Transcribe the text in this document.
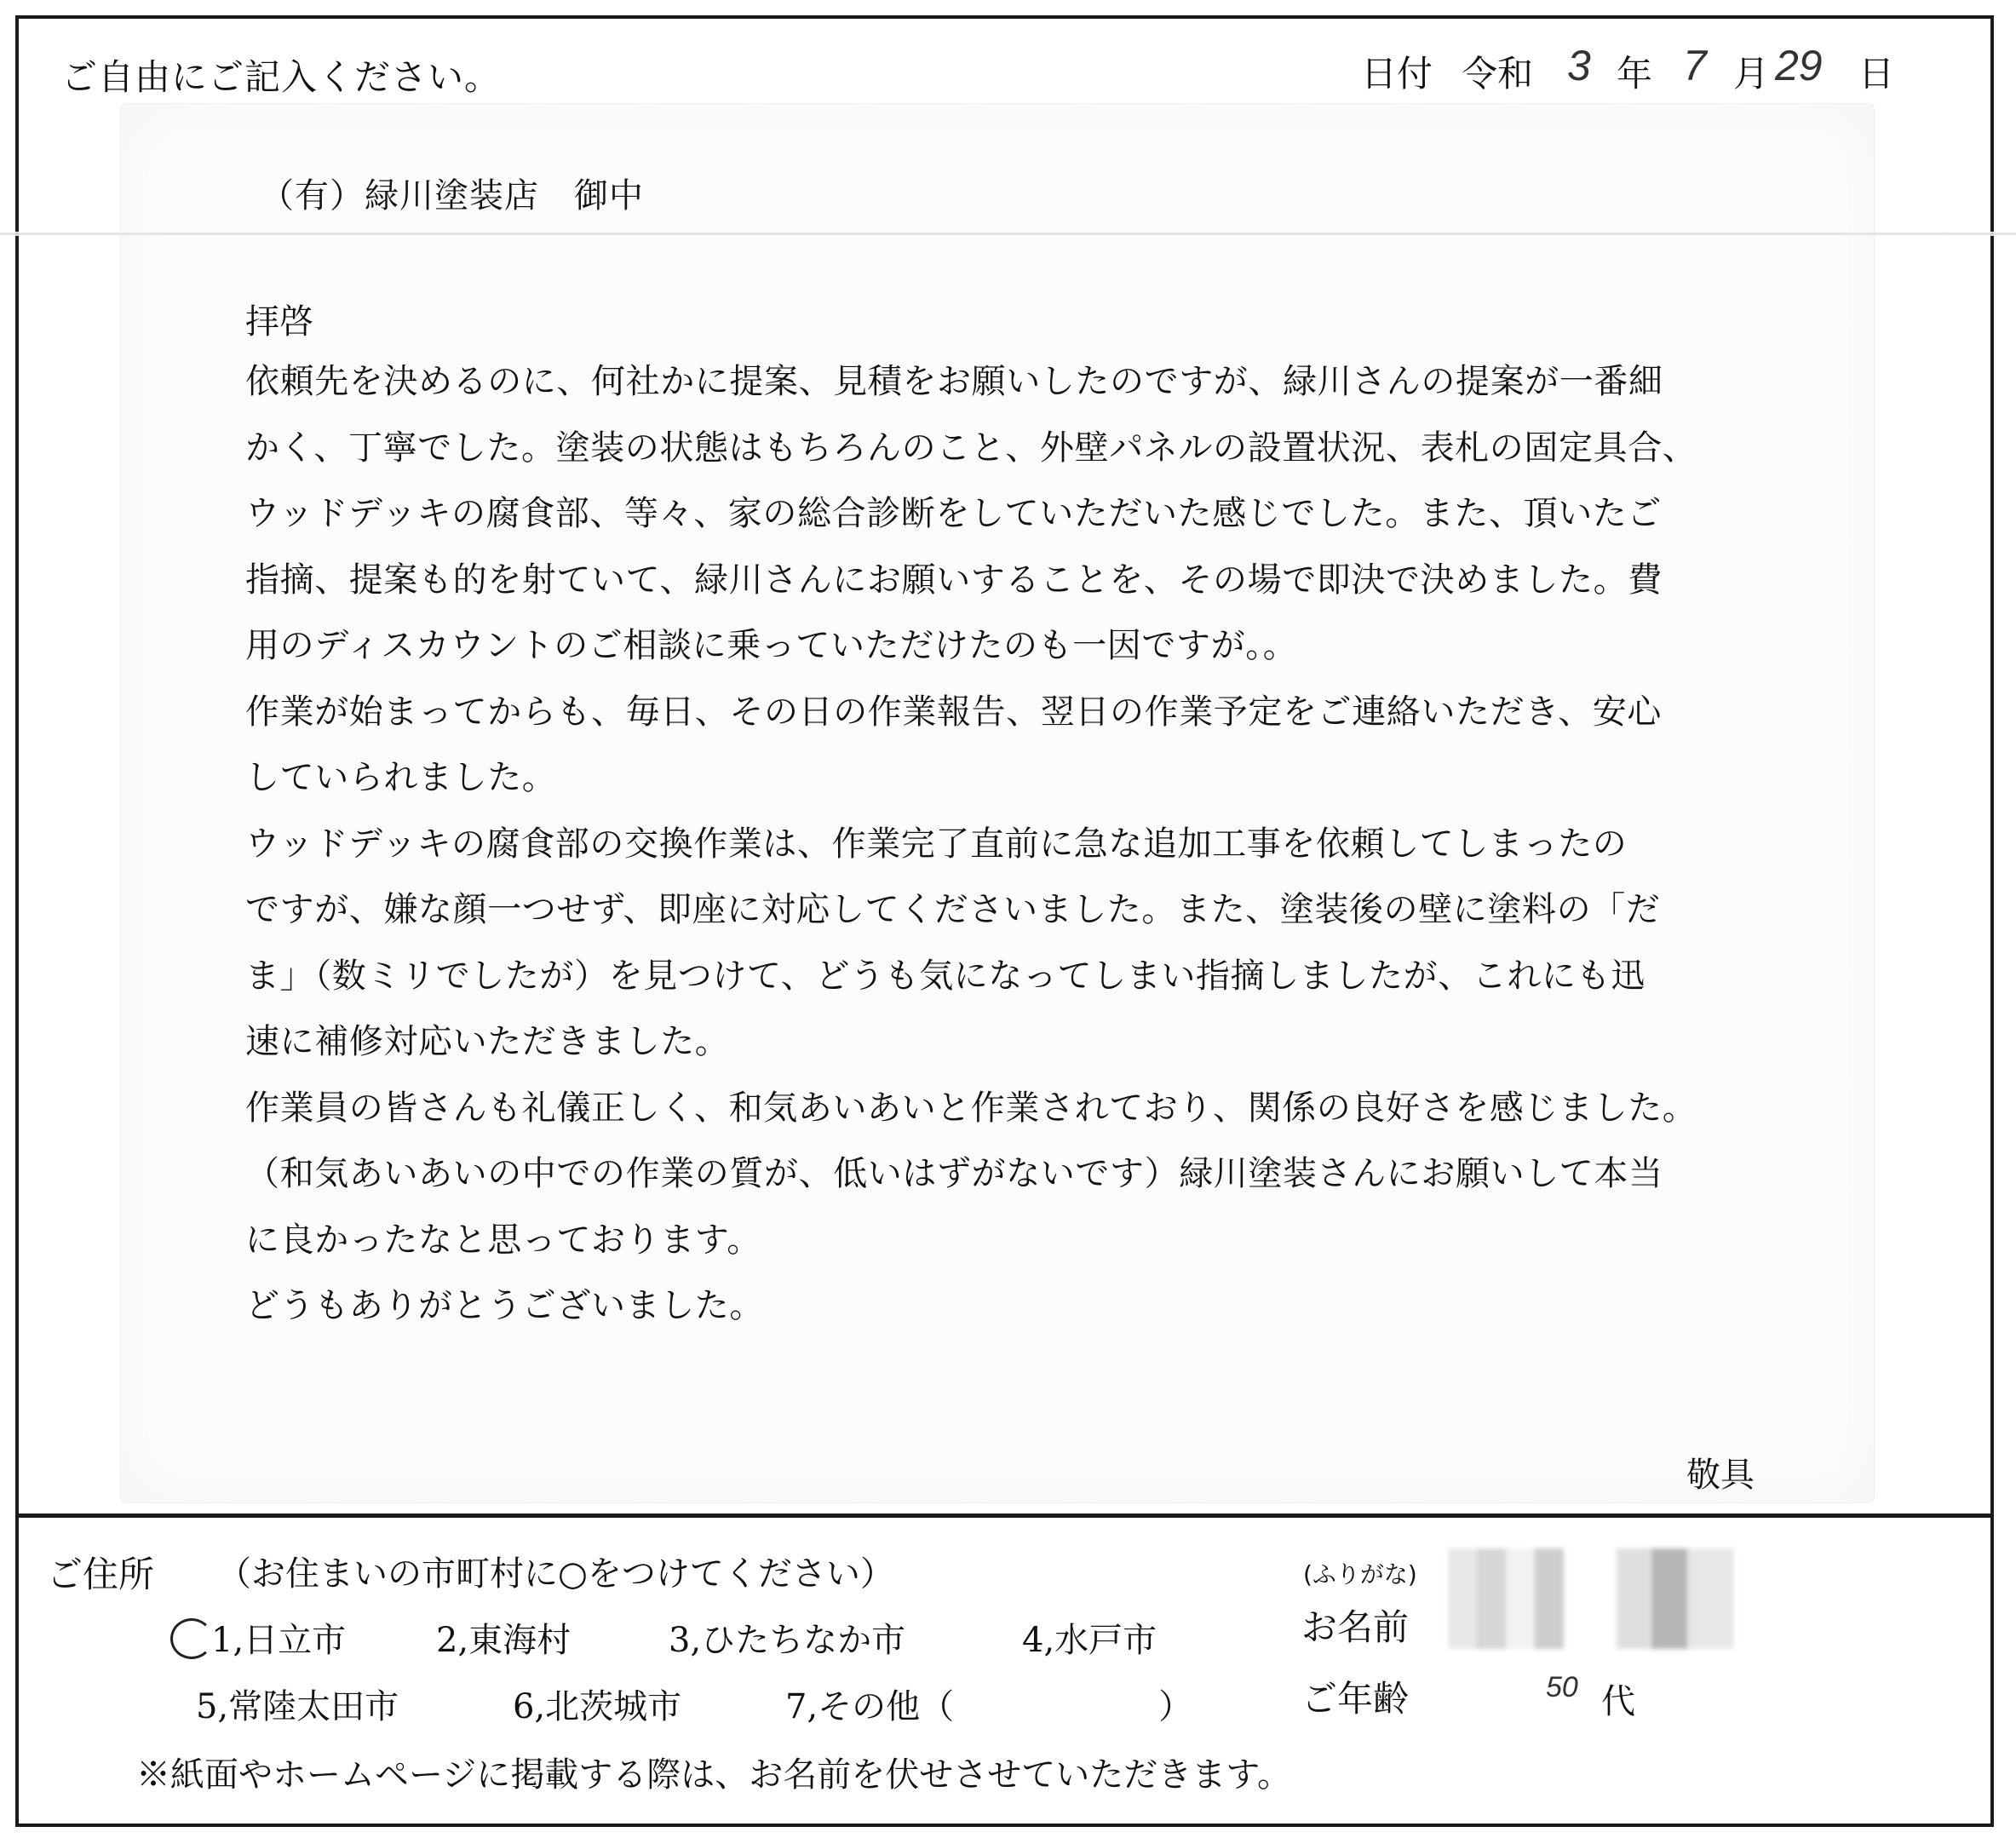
ご自由にご記入ください。	日付 令和 3 年 7 月 29 日
（有）緑川塗装店　御中
拝啓
依頼先を決めるのに、何社かに提案、見積をお願いしたのですが、緑川さんの提案が一番細
かく、丁寧でした。塗装の状態はもちろんのこと、外壁パネルの設置状況、表札の固定具合、
ウッドデッキの腐食部、等々、家の総合診断をしていただいた感じでした。また、頂いたご
指摘、提案も的を射ていて、緑川さんにお願いすることを、その場で即決で決めました。費
用のディスカウントのご相談に乗っていただけたのも一因ですが。。
作業が始まってからも、毎日、その日の作業報告、翌日の作業予定をご連絡いただき、安心
していられました。
ウッドデッキの腐食部の交換作業は、作業完了直前に急な追加工事を依頼してしまったの
ですが、嫌な顔一つせず、即座に対応してくださいました。また、塗装後の壁に塗料の「だ
ま」（数ミリでしたが）を見つけて、どうも気になってしまい指摘しましたが、これにも迅
速に補修対応いただきました。
作業員の皆さんも礼儀正しく、和気あいあいと作業されており、関係の良好さを感じました。
（和気あいあいの中での作業の質が、低いはずがないです）緑川塗装さんにお願いして本当
に良かったなと思っております。
どうもありがとうございました。
敬具
ご住所 （お住まいの市町村に○をつけてください）
1,日立市	2,東海村	3,ひたちなか市	4,水戸市
5,常陸太田市	6,北茨城市	7,その他（　　　　　　）
(ふりがな)
お名前
ご年齢	50 代
※紙面やホームページに掲載する際は、お名前を伏せさせていただきます。
